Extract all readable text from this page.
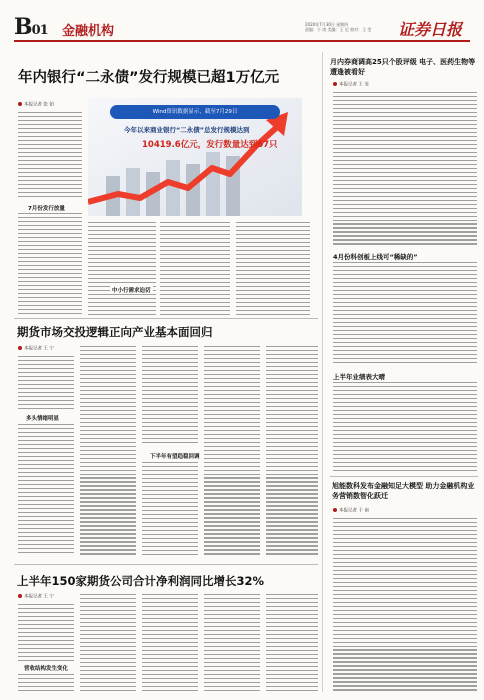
B01 金融机构	2020年7月30日 星期四
责编：于 南 美编：王 尼 校对：王 莹	证券日报
年内银行“二永债”发行规模已超1万亿元
本报记者 张 铂
7月份发行放量
Wind资讯数据显示，截至7月29日
今年以来商业银行“二永债”总发行规模达到
10419.6亿元，发行数量达到67只
中小行需求迫切
期货市场交投逻辑正向产业基本面回归
本报记者 王 宁
多头情绪明显
下半年有望趋稳回调
上半年150家期货公司合计净利润同比增长32%
本报记者 王 宁
营收结构发生变化
月内券商调高25只个股评级 电子、医药生物等遭逢被看好
本报记者 王 莹
4月份科创板上线可“稀缺的”
上半年业绩表大晴
旭能数科发布金融知足大模型 助力金融机构业务营销数智化跃迁
本报记者 于 南
